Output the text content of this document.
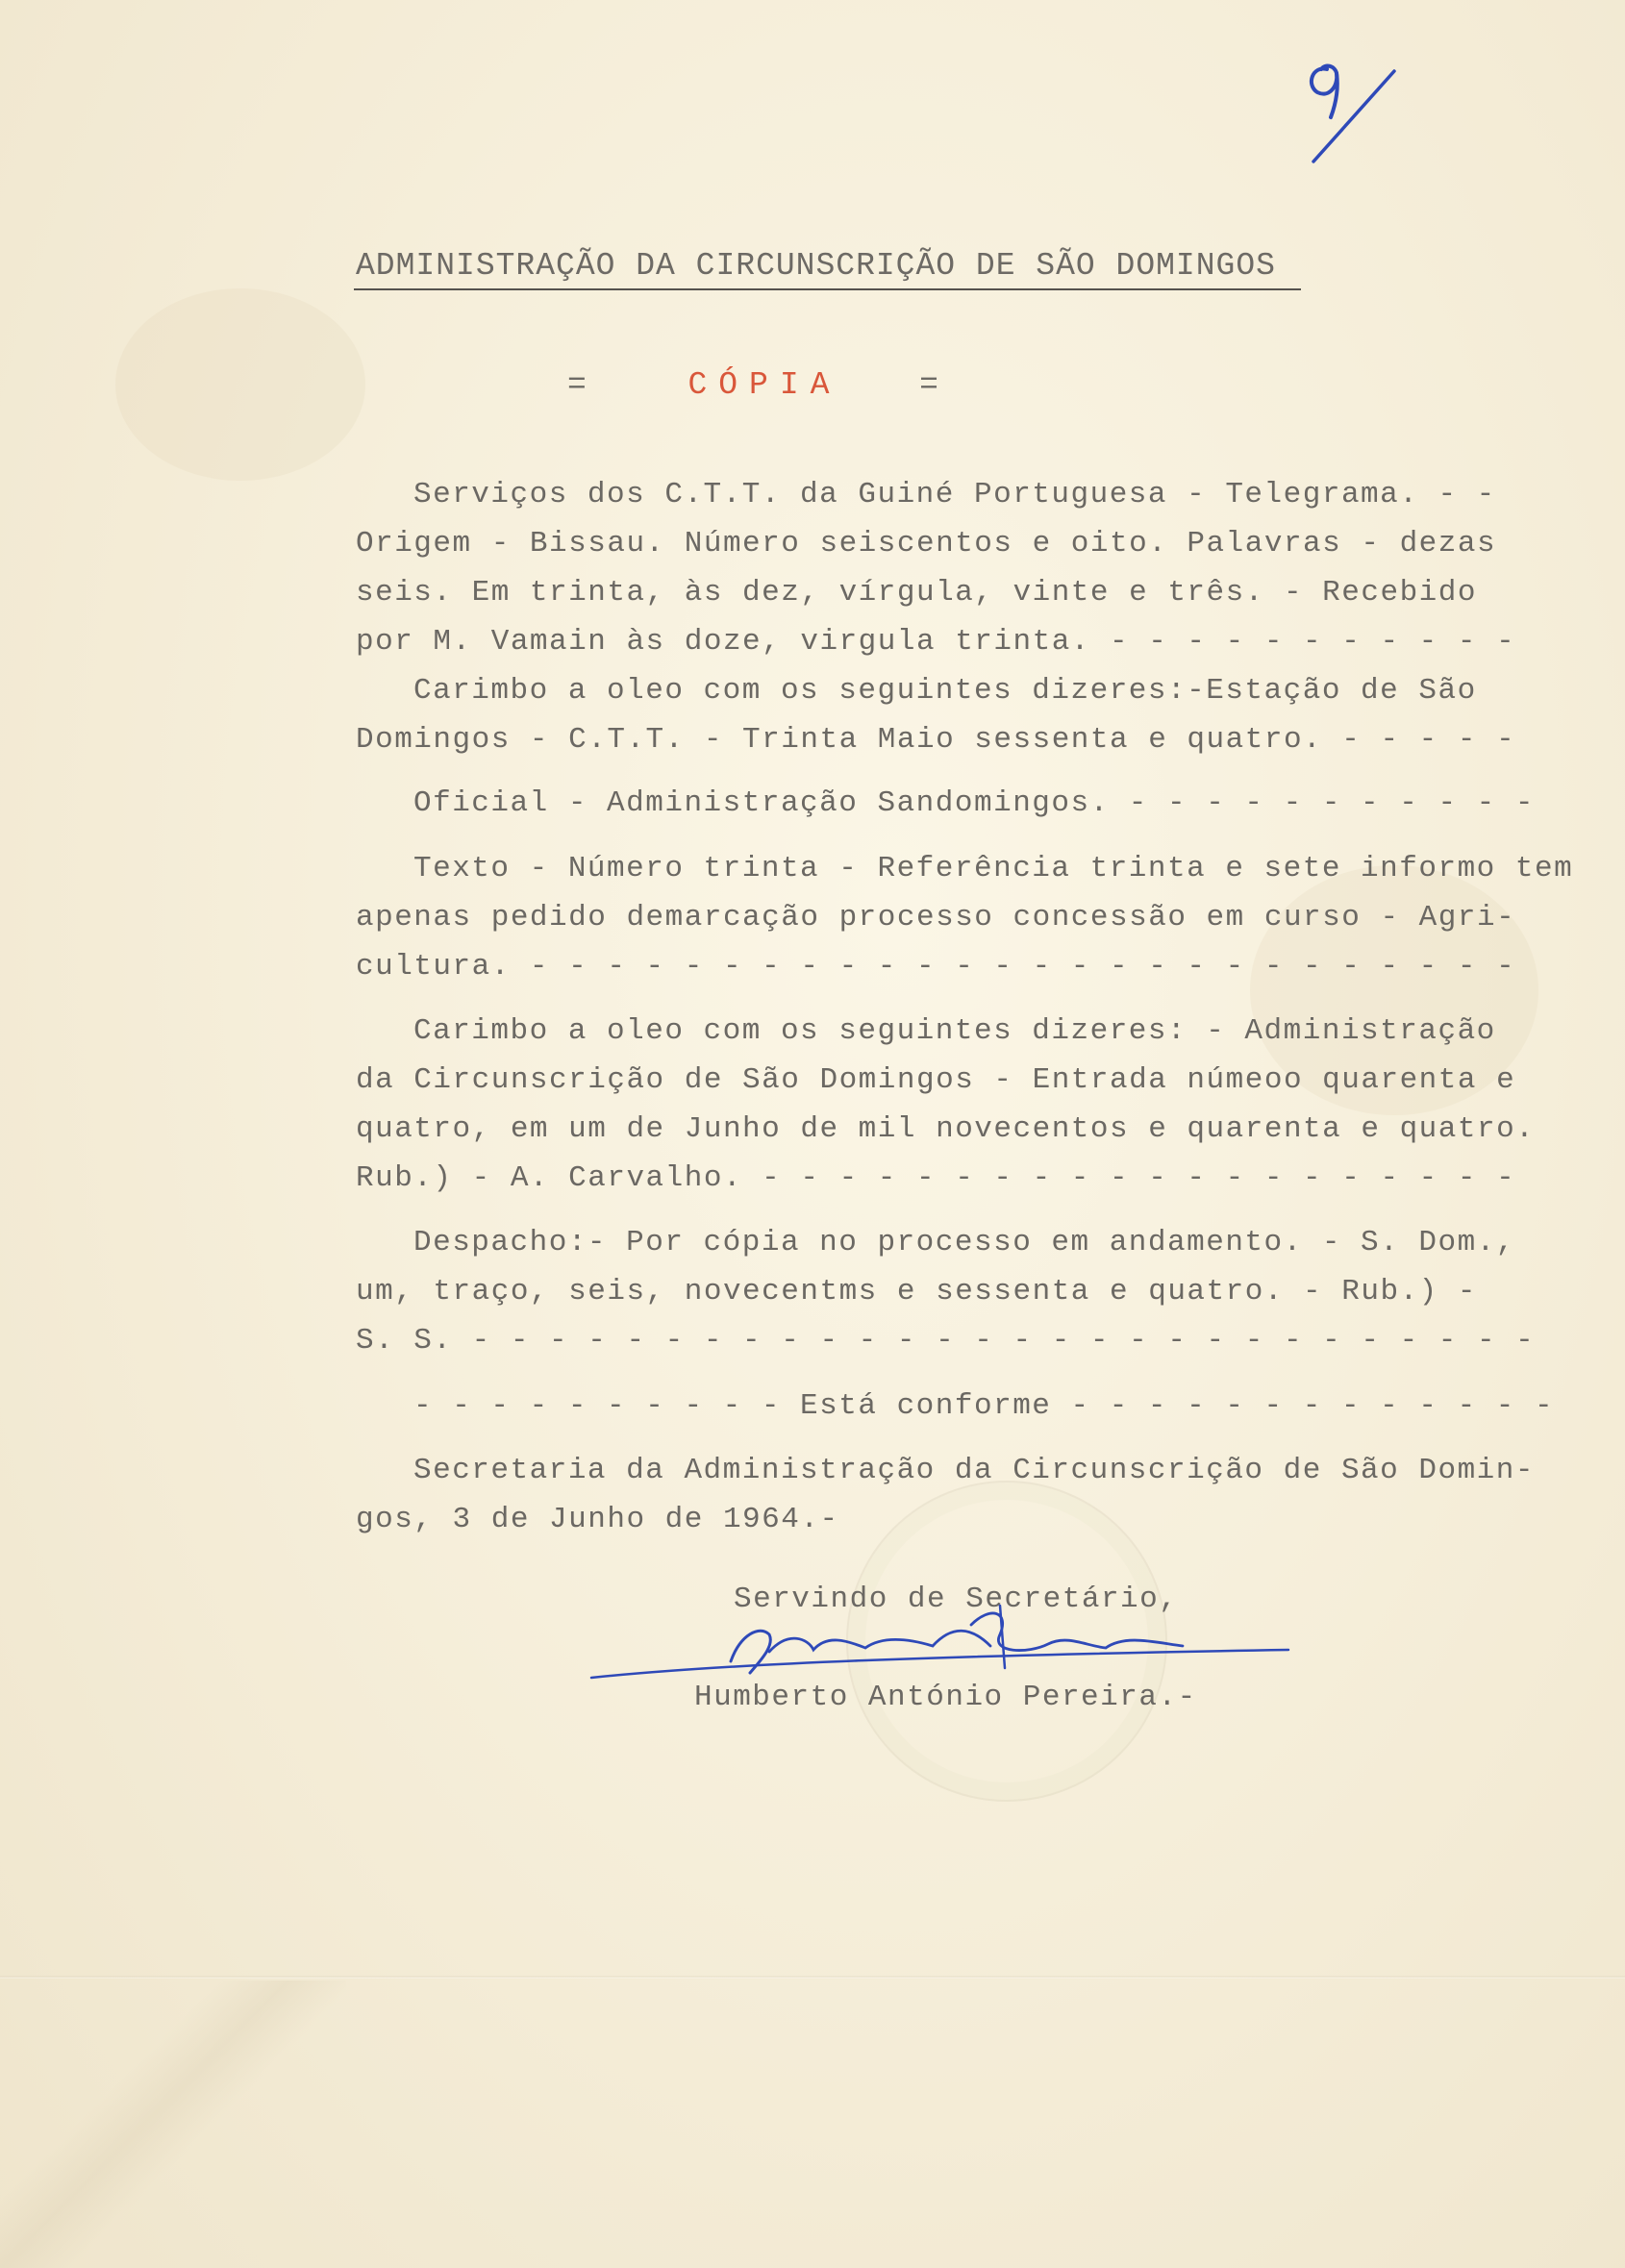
ADMINISTRAÇÃO DA CIRCUNSCRIÇÃO DE SÃO DOMINGOS
=	CÓPIA =
Serviços dos C.T.T. da Guiné Portuguesa - Telegrama. - -
Origem - Bissau. Número seiscentos e oito. Palavras - dezas
seis. Em trinta, às dez, vírgula, vinte e três. - Recebido
por M. Vamain às doze, virgula trinta. - - - - - - - - - - -
Carimbo a oleo com os seguintes dizeres:-Estação de São
Domingos - C.T.T. - Trinta Maio sessenta e quatro. - - - - -
Oficial - Administração Sandomingos. - - - - - - - - - - -
Texto - Número trinta - Referência trinta e sete informo tem
apenas pedido demarcação processo concessão em curso - Agri-
cultura. - - - - - - - - - - - - - - - - - - - - - - - - - -
Carimbo a oleo com os seguintes dizeres: - Administração
da Circunscrição de São Domingos - Entrada númeoo quarenta e
quatro, em um de Junho de mil novecentos e quarenta e quatro.
Rub.) - A. Carvalho. - - - - - - - - - - - - - - - - - - - -
Despacho:- Por cópia no processo em andamento. - S. Dom.,
um, traço, seis, novecentms e sessenta e quatro. - Rub.) -
S. S. - - - - - - - - - - - - - - - - - - - - - - - - - - - -
- - - - - - - - - - Está conforme - - - - - - - - - - - - -
Secretaria da Administração da Circunscrição de São Domin-
gos, 3 de Junho de 1964.-
Servindo de Secretário,
Humberto António Pereira.-
